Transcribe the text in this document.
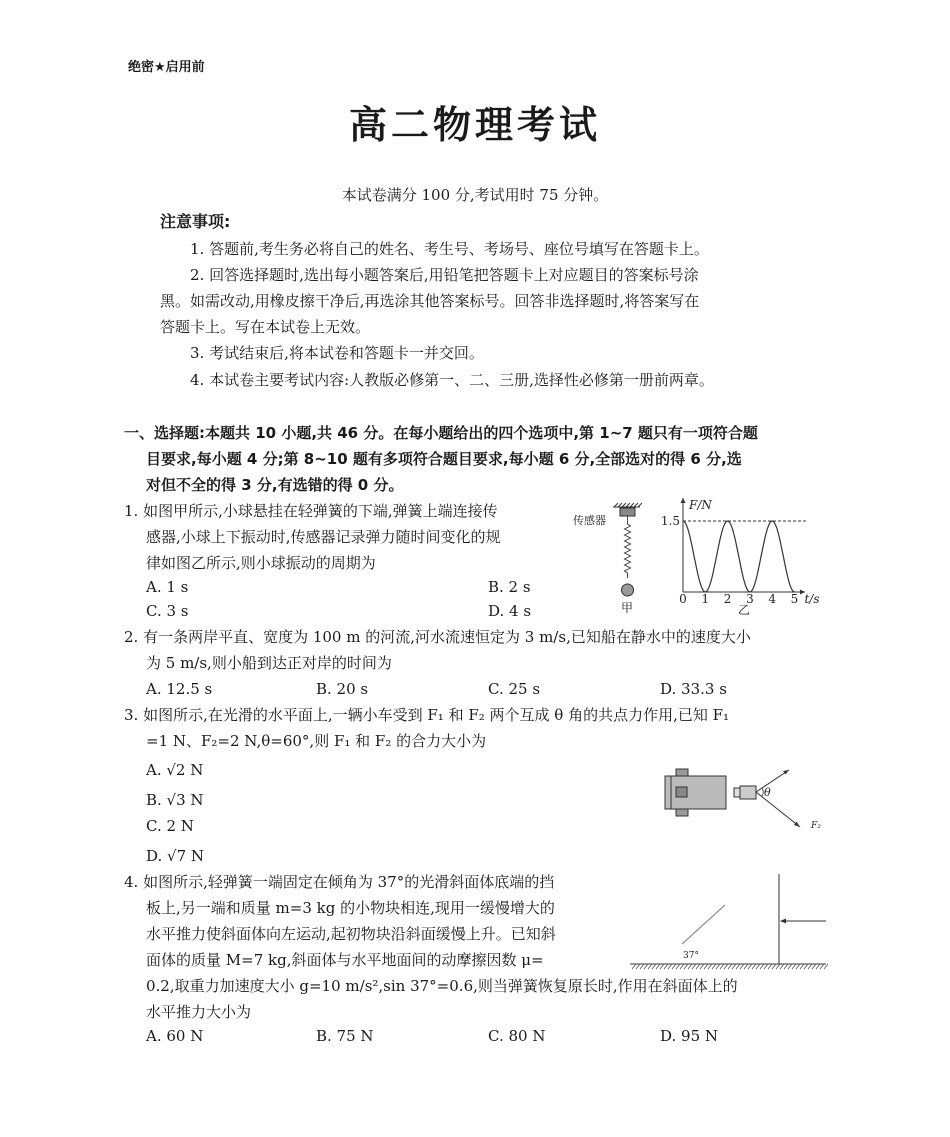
绝密★启用前
高二物理考试
本试卷满分 100 分,考试用时 75 分钟。
注意事项:
1. 答题前,考生务必将自己的姓名、考生号、考场号、座位号填写在答题卡上。
2. 回答选择题时,选出每小题答案后,用铅笔把答题卡上对应题目的答案标号涂
黑。如需改动,用橡皮擦干净后,再选涂其他答案标号。回答非选择题时,将答案写在
答题卡上。写在本试卷上无效。
3. 考试结束后,将本试卷和答题卡一并交回。
4. 本试卷主要考试内容:人教版必修第一、二、三册,选择性必修第一册前两章。
一、选择题:本题共 10 小题,共 46 分。在每小题给出的四个选项中,第 1~7 题只有一项符合题
目要求,每小题 4 分;第 8~10 题有多项符合题目要求,每小题 6 分,全部选对的得 6 分,选
对但不全的得 3 分,有选错的得 0 分。
1. 如图甲所示,小球悬挂在轻弹簧的下端,弹簧上端连接传
感器,小球上下振动时,传感器记录弹力随时间变化的规
律如图乙所示,则小球振动的周期为
A. 1 s	B. 2 s
C. 3 s	D. 4 s
传感器
甲
F/N
1.5
t/s
乙
0 1 2 3 4 5
2. 有一条两岸平直、宽度为 100 m 的河流,河水流速恒定为 3 m/s,已知船在静水中的速度大小
为 5 m/s,则小船到达正对岸的时间为
A. 12.5 s	B. 20 s	C. 25 s	D. 33.3 s
3. 如图所示,在光滑的水平面上,一辆小车受到 F₁ 和 F₂ 两个互成 θ 角的共点力作用,已知 F₁
=1 N、F₂=2 N,θ=60°,则 F₁ 和 F₂ 的合力大小为
A. √2 N
B. √3 N
C. 2 N
D. √7 N
θ
F₂
4. 如图所示,轻弹簧一端固定在倾角为 37°的光滑斜面体底端的挡
板上,另一端和质量 m=3 kg 的小物块相连,现用一缓慢增大的
水平推力使斜面体向左运动,起初物块沿斜面缓慢上升。已知斜
面体的质量 M=7 kg,斜面体与水平地面间的动摩擦因数 μ=
0.2,取重力加速度大小 g=10 m/s²,sin 37°=0.6,则当弹簧恢复原长时,作用在斜面体上的
水平推力大小为
A. 60 N	B. 75 N	C. 80 N	D. 95 N
37°
